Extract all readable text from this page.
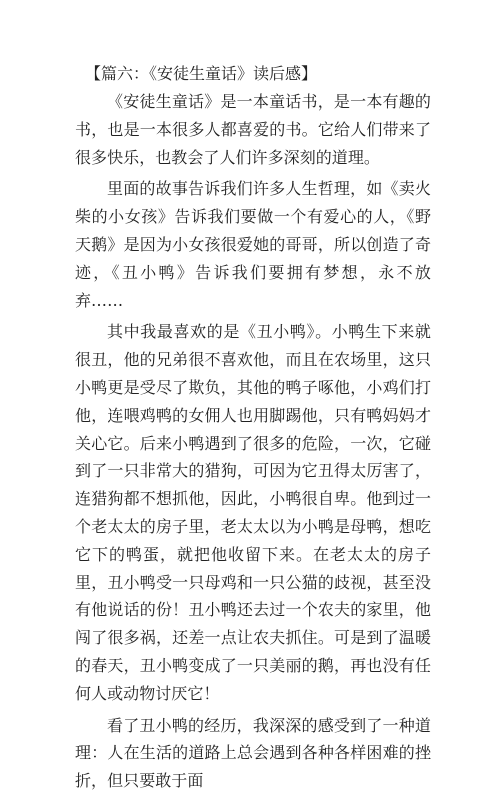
【篇六：《安徒生童话》读后感】

《安徒生童话》是一本童话书，是一本有趣的书，也是一本很多人都喜爱的书。它给人们带来了很多快乐，也教会了人们许多深刻的道理。

里面的故事告诉我们许多人生哲理，如《卖火柴的小女孩》告诉我们要做一个有爱心的人，《野天鹅》是因为小女孩很爱她的哥哥，所以创造了奇迹，《丑小鸭》告诉我们要拥有梦想，永不放弃……

其中我最喜欢的是《丑小鸭》。小鸭生下来就很丑，他的兄弟很不喜欢他，而且在农场里，这只小鸭更是受尽了欺负，其他的鸭子啄他，小鸡们打他，连喂鸡鸭的女佣人也用脚踢他，只有鸭妈妈才关心它。后来小鸭遇到了很多的危险，一次，它碰到了一只非常大的猎狗，可因为它丑得太厉害了，连猎狗都不想抓他，因此，小鸭很自卑。他到过一个老太太的房子里，老太太以为小鸭是母鸭，想吃它下的鸭蛋，就把他收留下来。在老太太的房子里，丑小鸭受一只母鸡和一只公猫的歧视，甚至没有他说话的份！丑小鸭还去过一个农夫的家里，他闯了很多祸，还差一点让农夫抓住。可是到了温暖的春天，丑小鸭变成了一只美丽的鹅，再也没有任何人或动物讨厌它！

看了丑小鸭的经历，我深深的感受到了一种道理：人在生活的道路上总会遇到各种各样困难的挫折，但只要敢于面
